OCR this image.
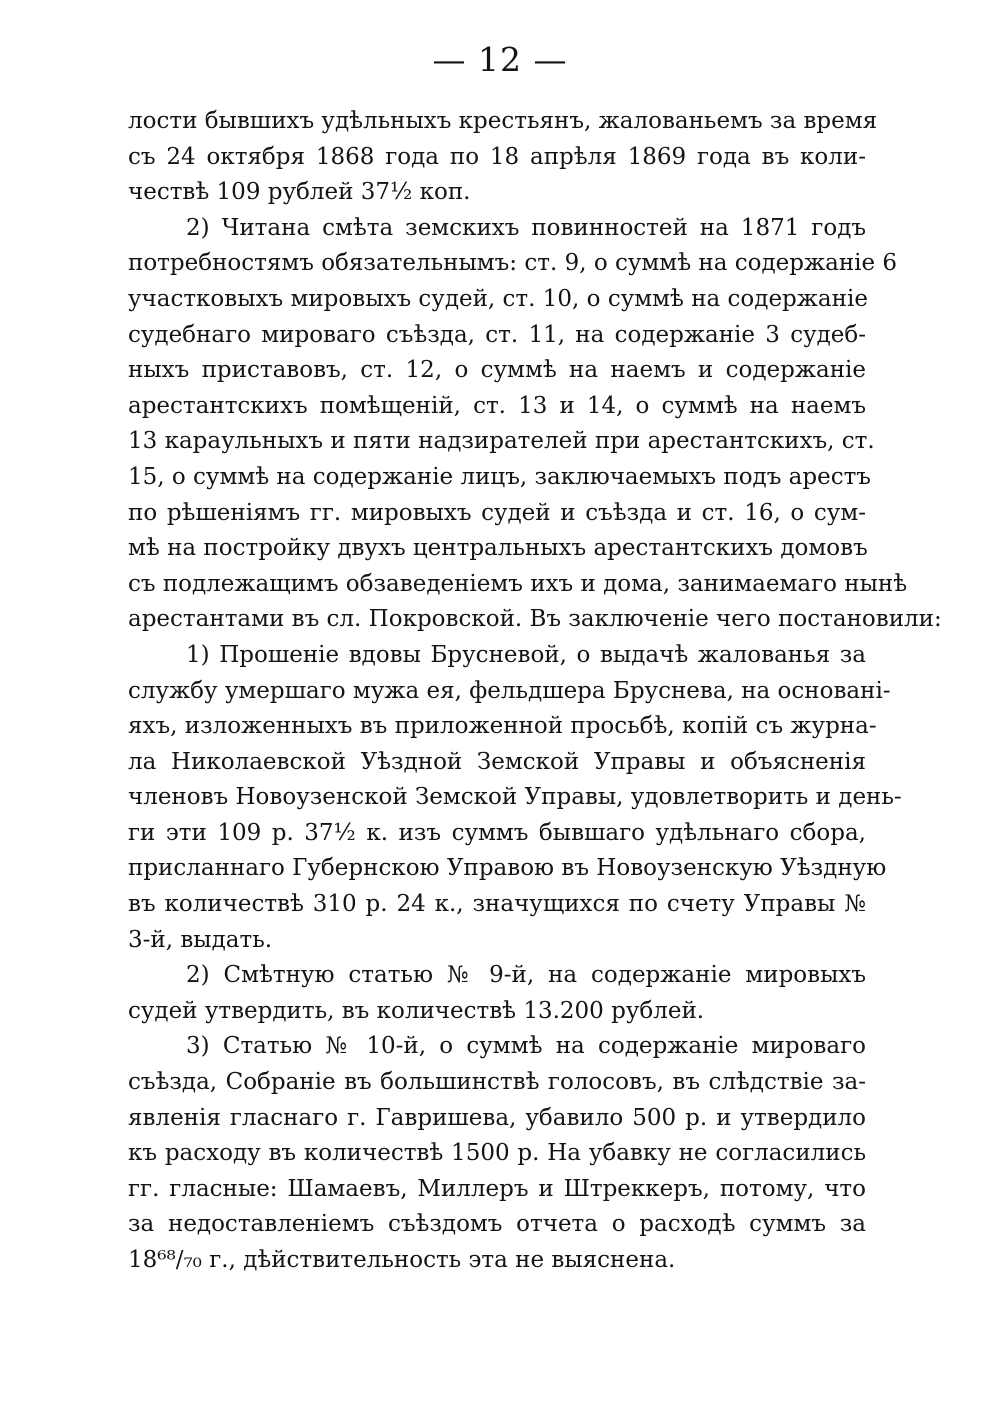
— 12 —
лости бывшихъ удѣльныхъ крестьянъ, жалованьемъ за время
съ 24 октября 1868 года по 18 апрѣля 1869 года въ коли-
чествѣ 109 рублей 37½ коп.
2) Читана смѣта земскихъ повинностей на 1871 годъ
потребностямъ обязательнымъ: ст. 9, о суммѣ на содержаніе 6
участковыхъ мировыхъ судей, ст. 10, о суммѣ на содержаніе
судебнаго мироваго съѣзда, ст. 11, на содержаніе 3 судеб-
ныхъ приставовъ, ст. 12, о суммѣ на наемъ и содержаніе
арестантскихъ помѣщеній, ст. 13 и 14, о суммѣ на наемъ
13 караульныхъ и пяти надзирателей при арестантскихъ, ст.
15, о суммѣ на содержаніе лицъ, заключаемыхъ подъ арестъ
по рѣшеніямъ гг. мировыхъ судей и съѣзда и ст. 16, о сум-
мѣ на постройку двухъ центральныхъ арестантскихъ домовъ
съ подлежащимъ обзаведеніемъ ихъ и дома, занимаемаго нынѣ
арестантами въ сл. Покровской. Въ заключеніе чего постановили:
1) Прошеніе вдовы Брусневой, о выдачѣ жалованья за
службу умершаго мужа ея, фельдшера Бруснева, на основані-
яхъ, изложенныхъ въ приложенной просьбѣ, копій съ журна-
ла Николаевской Уѣздной Земской Управы и объясненія
членовъ Новоузенской Земской Управы, удовлетворить и день-
ги эти 109 р. 37½ к. изъ суммъ бывшаго удѣльнаго сбора,
присланнаго Губернскою Управою въ Новоузенскую Уѣздную
въ количествѣ 310 р. 24 к., значущихся по счету Управы №
3-й, выдать.
2) Смѣтную статью № 9-й, на содержаніе мировыхъ
судей утвердить, въ количествѣ 13.200 рублей.
3) Статью № 10-й, о суммѣ на содержаніе мироваго
съѣзда, Собраніе въ большинствѣ голосовъ, въ слѣдствіе за-
явленія гласнаго г. Гавришева, убавило 500 р. и утвердило
къ расходу въ количествѣ 1500 р. На убавку не согласились
гг. гласные: Шамаевъ, Миллеръ и Штреккеръ, потому, что
за недоставленіемъ съѣздомъ отчета о расходѣ суммъ за
18⁶⁸/₇₀ г., дѣйствительность эта не выяснена.
